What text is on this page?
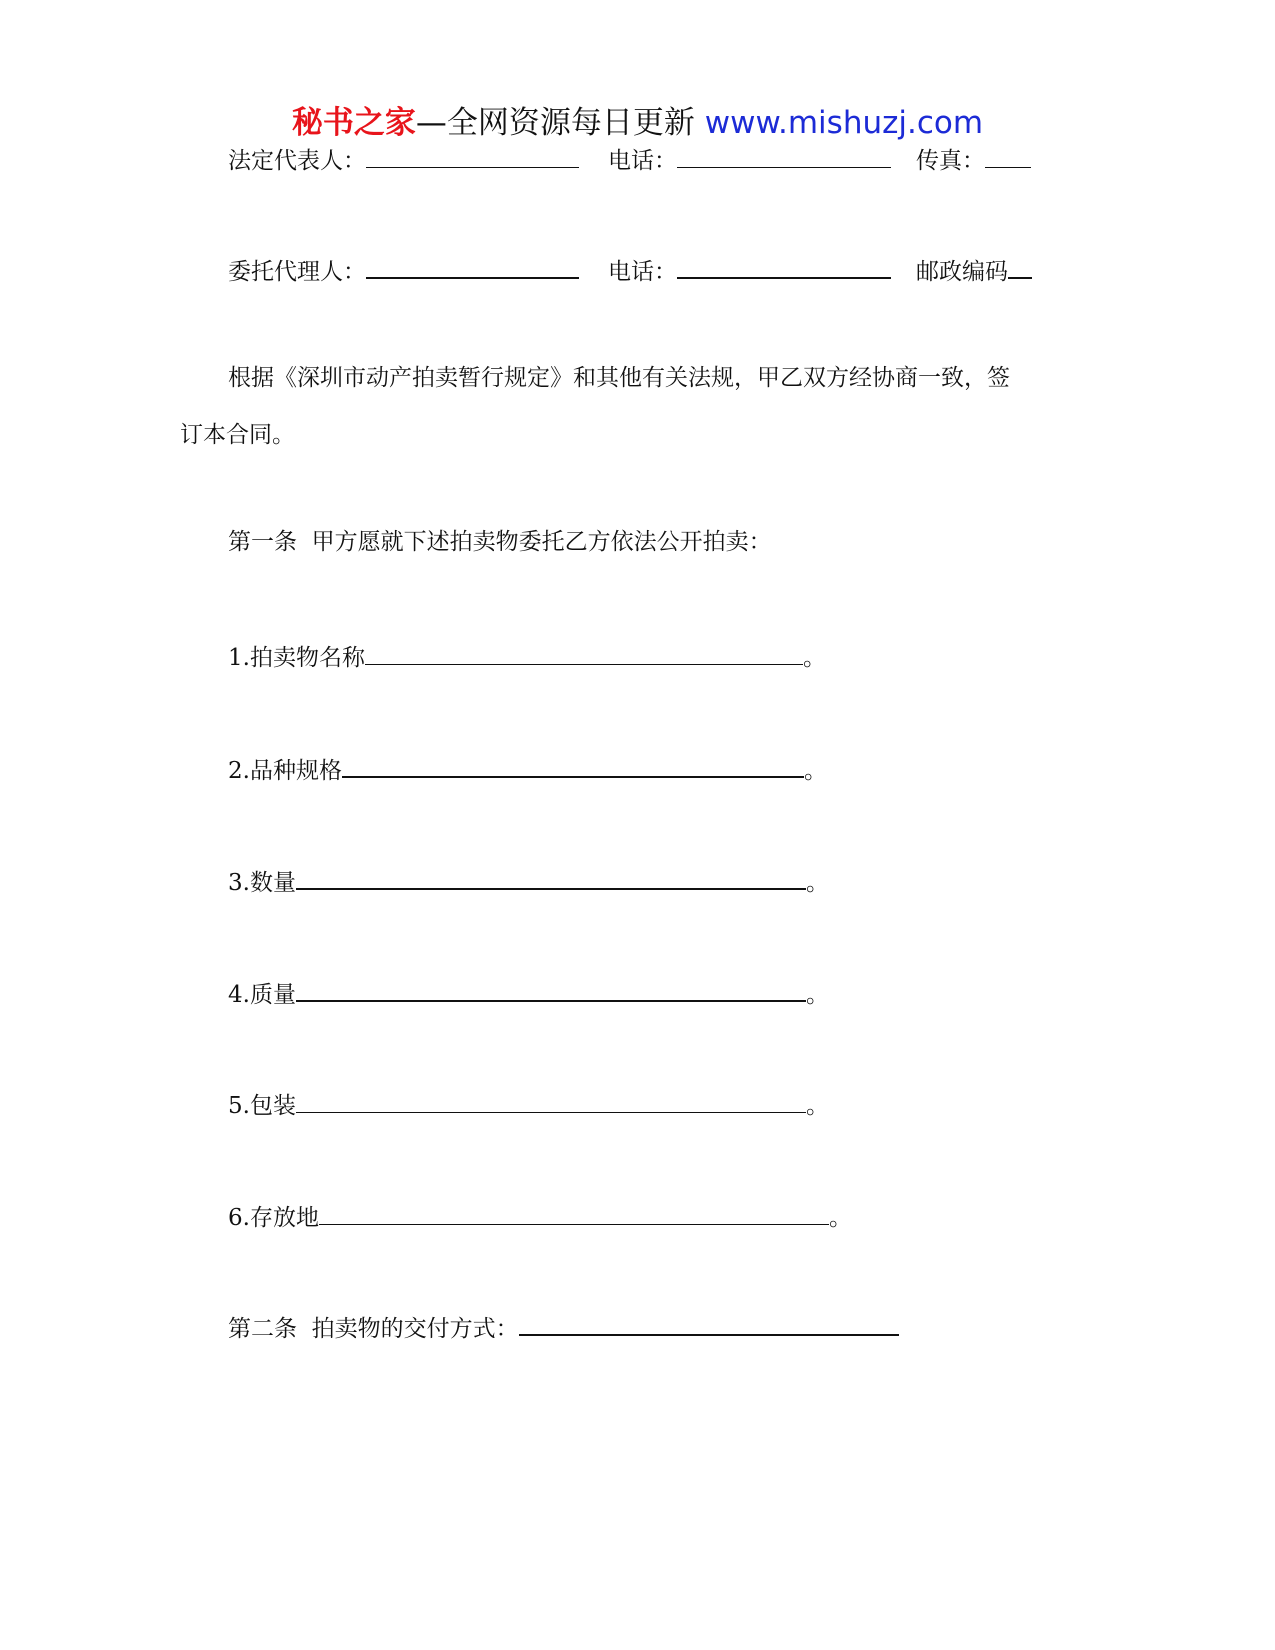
秘书之家—全网资源每日更新 www.mishuzj.com
法定代表人：	电话：	传真：
委托代理人：	电话：	邮政编码
根据《深圳市动产拍卖暂行规定》和其他有关法规，甲乙双方经协商一致，签
订本合同。
第一条  甲方愿就下述拍卖物委托乙方依法公开拍卖：
1.拍卖物名称	。
2.品种规格	。
3.数量	。
4.质量	。
5.包装	。
6.存放地	。
第二条  拍卖物的交付方式：
